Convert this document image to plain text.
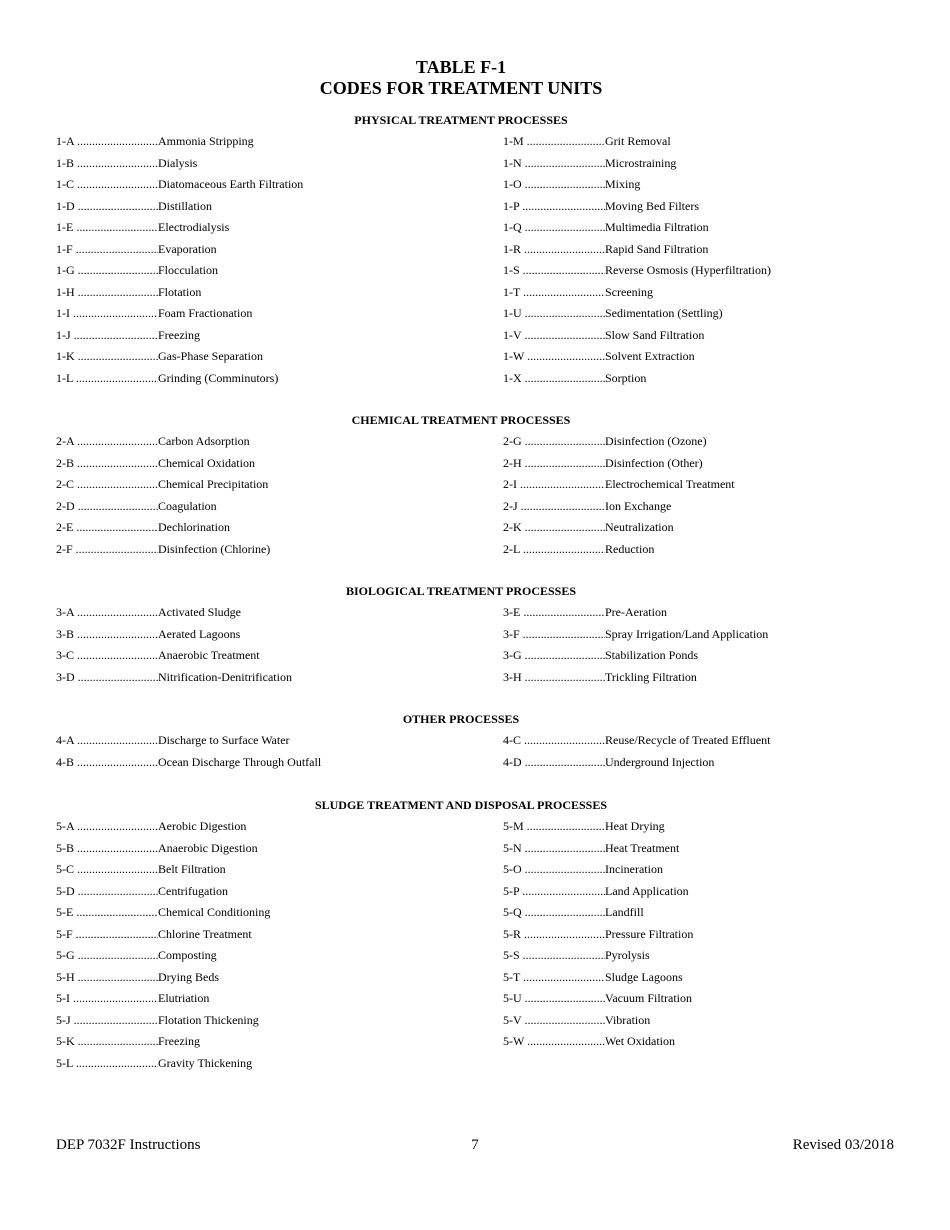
TABLE F-1
CODES FOR TREATMENT UNITS
PHYSICAL TREATMENT PROCESSES
1-A .....	Ammonia Stripping
1-B .....	Dialysis
1-C .....	Diatomaceous Earth Filtration
1-D .....	Distillation
1-E .....	Electrodialysis
1-F .....	Evaporation
1-G .....	Flocculation
1-H .....	Flotation
1-I .....	Foam Fractionation
1-J .....	Freezing
1-K .....	Gas-Phase Separation
1-L .....	Grinding (Comminutors)
1-M .....	Grit Removal
1-N .....	Microstraining
1-O .....	Mixing
1-P .....	Moving Bed Filters
1-Q .....	Multimedia Filtration
1-R .....	Rapid Sand Filtration
1-S .....	Reverse Osmosis (Hyperfiltration)
1-T .....	Screening
1-U .....	Sedimentation (Settling)
1-V .....	Slow Sand Filtration
1-W .....	Solvent Extraction
1-X .....	Sorption
CHEMICAL TREATMENT PROCESSES
2-A .....	Carbon Adsorption
2-B .....	Chemical Oxidation
2-C .....	Chemical Precipitation
2-D .....	Coagulation
2-E .....	Dechlorination
2-F .....	Disinfection (Chlorine)
2-G .....	Disinfection (Ozone)
2-H .....	Disinfection (Other)
2-I .....	Electrochemical Treatment
2-J .....	Ion Exchange
2-K .....	Neutralization
2-L .....	Reduction
BIOLOGICAL TREATMENT PROCESSES
3-A .....	Activated Sludge
3-B .....	Aerated Lagoons
3-C .....	Anaerobic Treatment
3-D .....	Nitrification-Denitrification
3-E .....	Pre-Aeration
3-F .....	Spray Irrigation/Land Application
3-G .....	Stabilization Ponds
3-H .....	Trickling Filtration
OTHER PROCESSES
4-A .....	Discharge to Surface Water
4-B .....	Ocean Discharge Through Outfall
4-C .....	Reuse/Recycle of Treated Effluent
4-D .....	Underground Injection
SLUDGE TREATMENT AND DISPOSAL PROCESSES
5-A .....	Aerobic Digestion
5-B .....	Anaerobic Digestion
5-C .....	Belt Filtration
5-D .....	Centrifugation
5-E .....	Chemical Conditioning
5-F .....	Chlorine Treatment
5-G .....	Composting
5-H .....	Drying Beds
5-I .....	Elutriation
5-J .....	Flotation Thickening
5-K .....	Freezing
5-L .....	Gravity Thickening
5-M .....	Heat Drying
5-N .....	Heat Treatment
5-O .....	Incineration
5-P .....	Land Application
5-Q .....	Landfill
5-R .....	Pressure Filtration
5-S .....	Pyrolysis
5-T .....	Sludge Lagoons
5-U .....	Vacuum Filtration
5-V .....	Vibration
5-W .....	Wet Oxidation
DEP 7032F Instructions	7	Revised 03/2018
